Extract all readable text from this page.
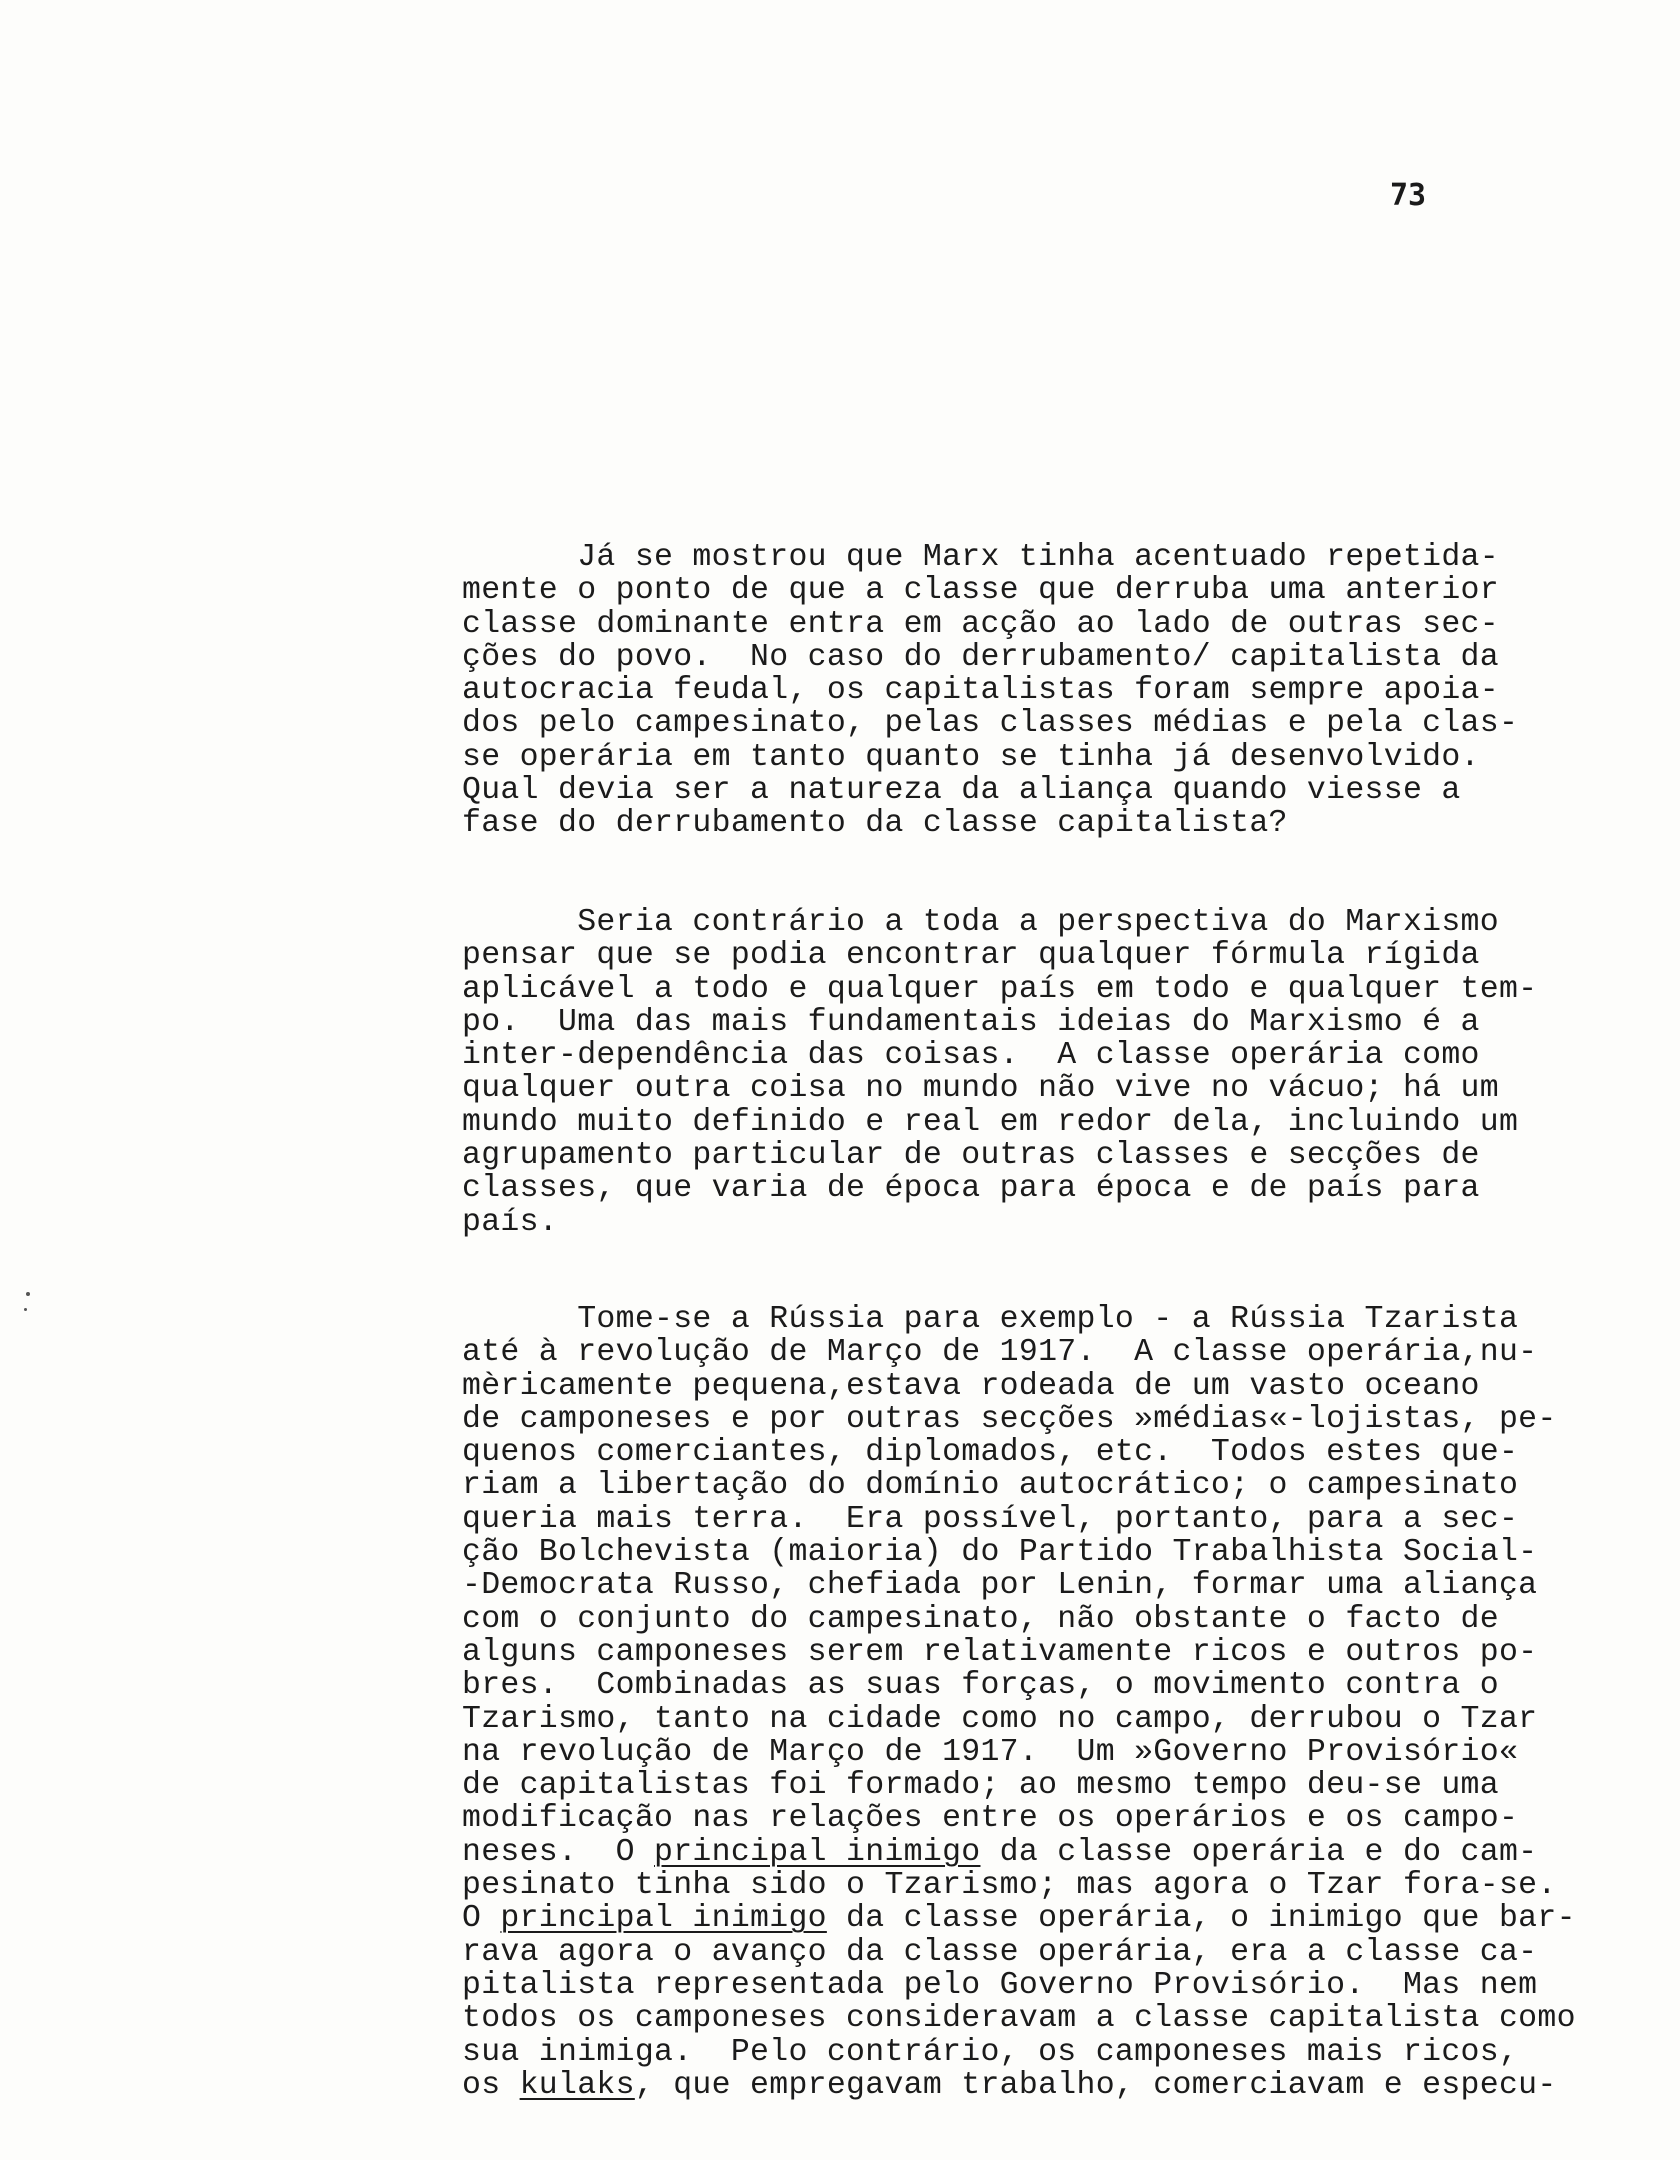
73
Já se mostrou que Marx tinha acentuado repetida-
mente o ponto de que a classe que derruba uma anterior
classe dominante entra em acção ao lado de outras sec-
ções do povo.  No caso do derrubamento/ capitalista da
autocracia feudal, os capitalistas foram sempre apoia-
dos pelo campesinato, pelas classes médias e pela clas-
se operária em tanto quanto se tinha já desenvolvido.
Qual devia ser a natureza da aliança quando viesse a
fase do derrubamento da classe capitalista?
Seria contrário a toda a perspectiva do Marxismo
pensar que se podia encontrar qualquer fórmula rígida
aplicável a todo e qualquer país em todo e qualquer tem-
po.  Uma das mais fundamentais ideias do Marxismo é a
inter-dependência das coisas.  A classe operária como
qualquer outra coisa no mundo não vive no vácuo; há um
mundo muito definido e real em redor dela, incluindo um
agrupamento particular de outras classes e secções de
classes, que varia de época para época e de país para
país.
Tome-se a Rússia para exemplo - a Rússia Tzarista
até à revolução de Março de 1917.  A classe operária,nu-
mèricamente pequena,estava rodeada de um vasto oceano
de camponeses e por outras secções »médias«-lojistas, pe-
quenos comerciantes, diplomados, etc.  Todos estes que-
riam a libertação do domínio autocrático; o campesinato
queria mais terra.  Era possível, portanto, para a sec-
ção Bolchevista (maioria) do Partido Trabalhista Social-
-Democrata Russo, chefiada por Lenin, formar uma aliança
com o conjunto do campesinato, não obstante o facto de
alguns camponeses serem relativamente ricos e outros po-
bres.  Combinadas as suas forças, o movimento contra o
Tzarismo, tanto na cidade como no campo, derrubou o Tzar
na revolução de Março de 1917.  Um »Governo Provisório«
de capitalistas foi formado; ao mesmo tempo deu-se uma
modificação nas relações entre os operários e os campo-
neses.  O principal inimigo da classe operária e do cam-
pesinato tinha sido o Tzarismo; mas agora o Tzar fora-se.
O principal inimigo da classe operária, o inimigo que bar-
rava agora o avanço da classe operária, era a classe ca-
pitalista representada pelo Governo Provisório.  Mas nem
todos os camponeses consideravam a classe capitalista como
sua inimiga.  Pelo contrário, os camponeses mais ricos,
os kulaks, que empregavam trabalho, comerciavam e especu-
